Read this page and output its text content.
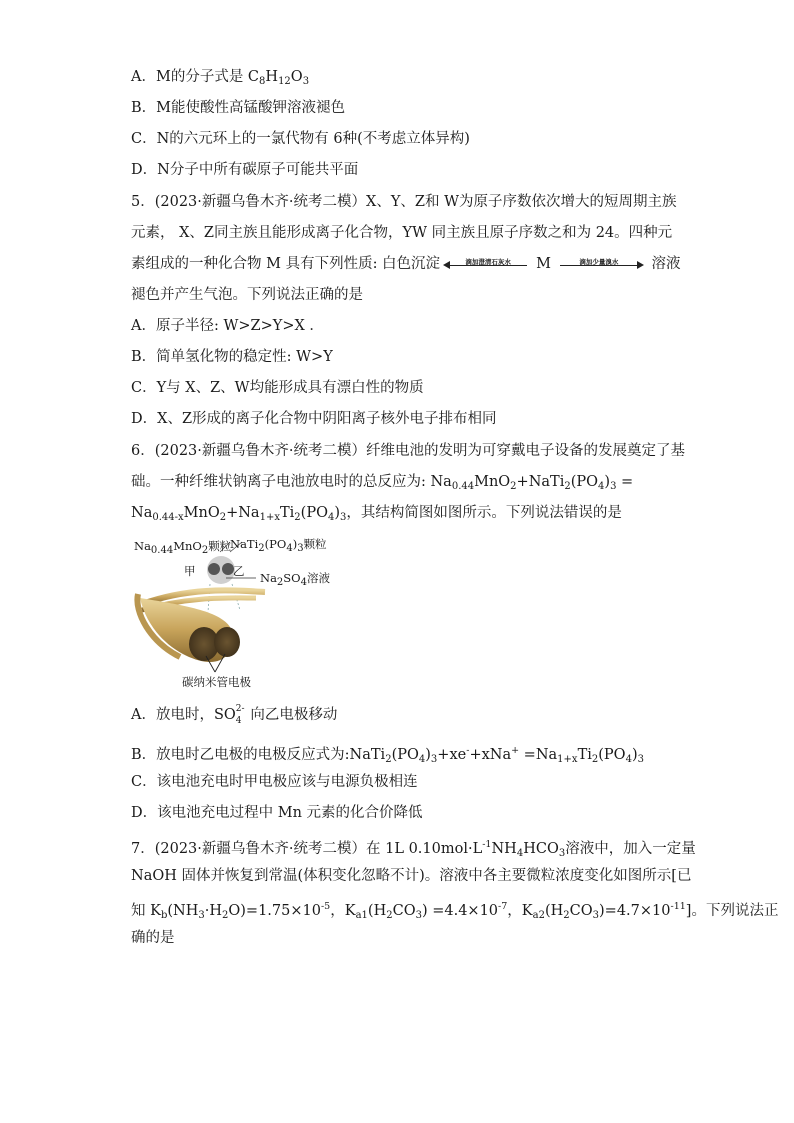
A．M的分子式是 $C_8H_{12}O_3$
B．M能使酸性高锰酸钾溶液褪色
C．N的六元环上的一氯代物有 6种(不考虑立体异构)
D．N分子中所有碳原子可能共平面
5．(2023·新疆乌鲁木齐·统考二模）X、Y、Z和 W为原子序数依次增大的短周期主族
元素， X、Z同主族且能形成离子化合物，YW 同主族且原子序数之和为 24。四种元
素组成的一种化合物 M 具有下列性质: 白色沉淀	滴加澄清石灰水	M	滴加少量溴水	溶液
褪色并产生气泡。下列说法正确的是
A．原子半径: W>Z>Y>X ．
B．简单氢化物的稳定性: W>Y
C．Y与 X、Z、W均能形成具有漂白性的物质
D．X、Z形成的离子化合物中阴阳离子核外电子排布相同
6．(2023·新疆乌鲁木齐·统考二模）纤维电池的发明为可穿戴电子设备的发展奠定了基
础。一种纤维状钠离子电池放电时的总反应为: $Na_{0.44}MnO_2+NaTi_2(PO_4)_3$ =
$Na_{0.44-x}MnO_2+Na_{1+x}Ti_2(PO_4)_3$，其结构简图如图所示。下列说法错误的是
Na0.44MnO2颗粒
NaTi2(PO4)3颗粒
甲	乙 Na2SO4溶液
碳纳米管电极
A．放电时，SO 2-
4 向乙电极移动
B．放电时乙电极的电极反应式为$:NaTi_2(PO_4)_3+xe^-+xNa^+ =Na_{1+x}Ti_2(PO_4)_3$
C．该电池充电时甲电极应该与电源负极相连
D．该电池充电过程中 Mn 元素的化合价降低
7．(2023·新疆乌鲁木齐·统考二模）在 1L $0.10mol\cdot L^{-1}NH_4HCO_3$溶液中，加入一定量
NaOH 固体并恢复到常温(体积变化忽略不计)。溶液中各主要微粒浓度变化如图所示[已
知 $K_b(NH_3\cdot H_2O)=1.75\times 10^{-5}$，$K_{a1}(H_2CO_3) =4.4\times 10^{-7}$，$K_{a2}(H_2CO_3)=4.7\times 10^{-11}$]。下列说法正
确的是
